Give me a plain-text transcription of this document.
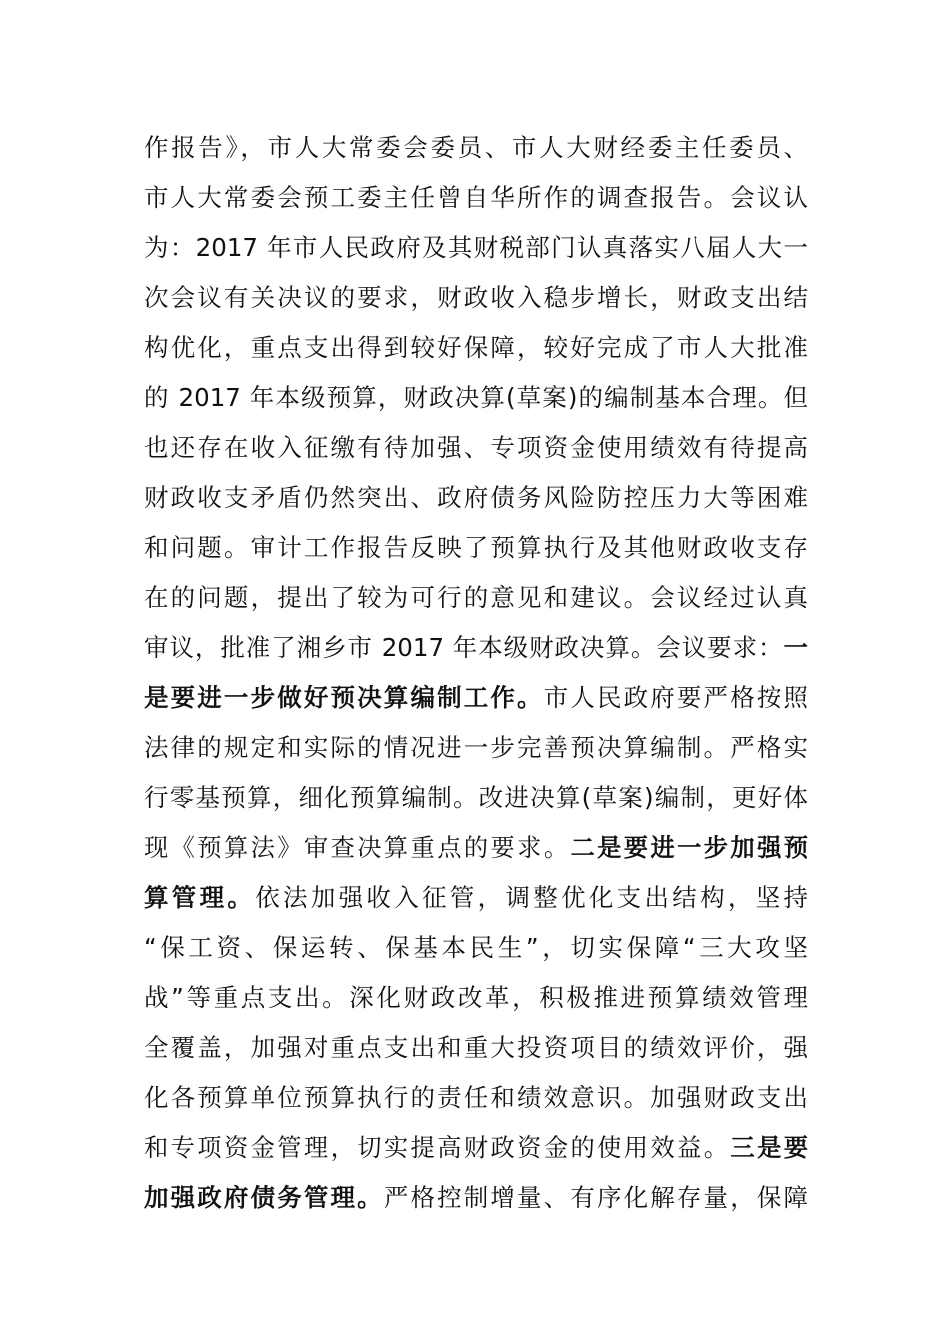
作报告》，市人大常委会委员、市人大财经委主任委员、
市人大常委会预工委主任曾自华所作的调查报告。会议认
为：2017 年市人民政府及其财税部门认真落实八届人大一
次会议有关决议的要求，财政收入稳步增长，财政支出结
构优化，重点支出得到较好保障，较好完成了市人大批准
的 2017 年本级预算，财政决算(草案)的编制基本合理。但
也还存在收入征缴有待加强、专项资金使用绩效有待提高
财政收支矛盾仍然突出、政府债务风险防控压力大等困难
和问题。审计工作报告反映了预算执行及其他财政收支存
在的问题，提出了较为可行的意见和建议。会议经过认真
审议，批准了湘乡市 2017 年本级财政决算。会议要求：一
是要进一步做好预决算编制工作。市人民政府要严格按照
法律的规定和实际的情况进一步完善预决算编制。严格实
行零基预算，细化预算编制。改进决算(草案)编制，更好体
现《预算法》审查决算重点的要求。二是要进一步加强预
算管理。依法加强收入征管，调整优化支出结构，坚持
“保工资、保运转、保基本民生”，切实保障“三大攻坚
战”等重点支出。深化财政改革，积极推进预算绩效管理
全覆盖，加强对重点支出和重大投资项目的绩效评价，强
化各预算单位预算执行的责任和绩效意识。加强财政支出
和专项资金管理，切实提高财政资金的使用效益。三是要
加强政府债务管理。严格控制增量、有序化解存量，保障
